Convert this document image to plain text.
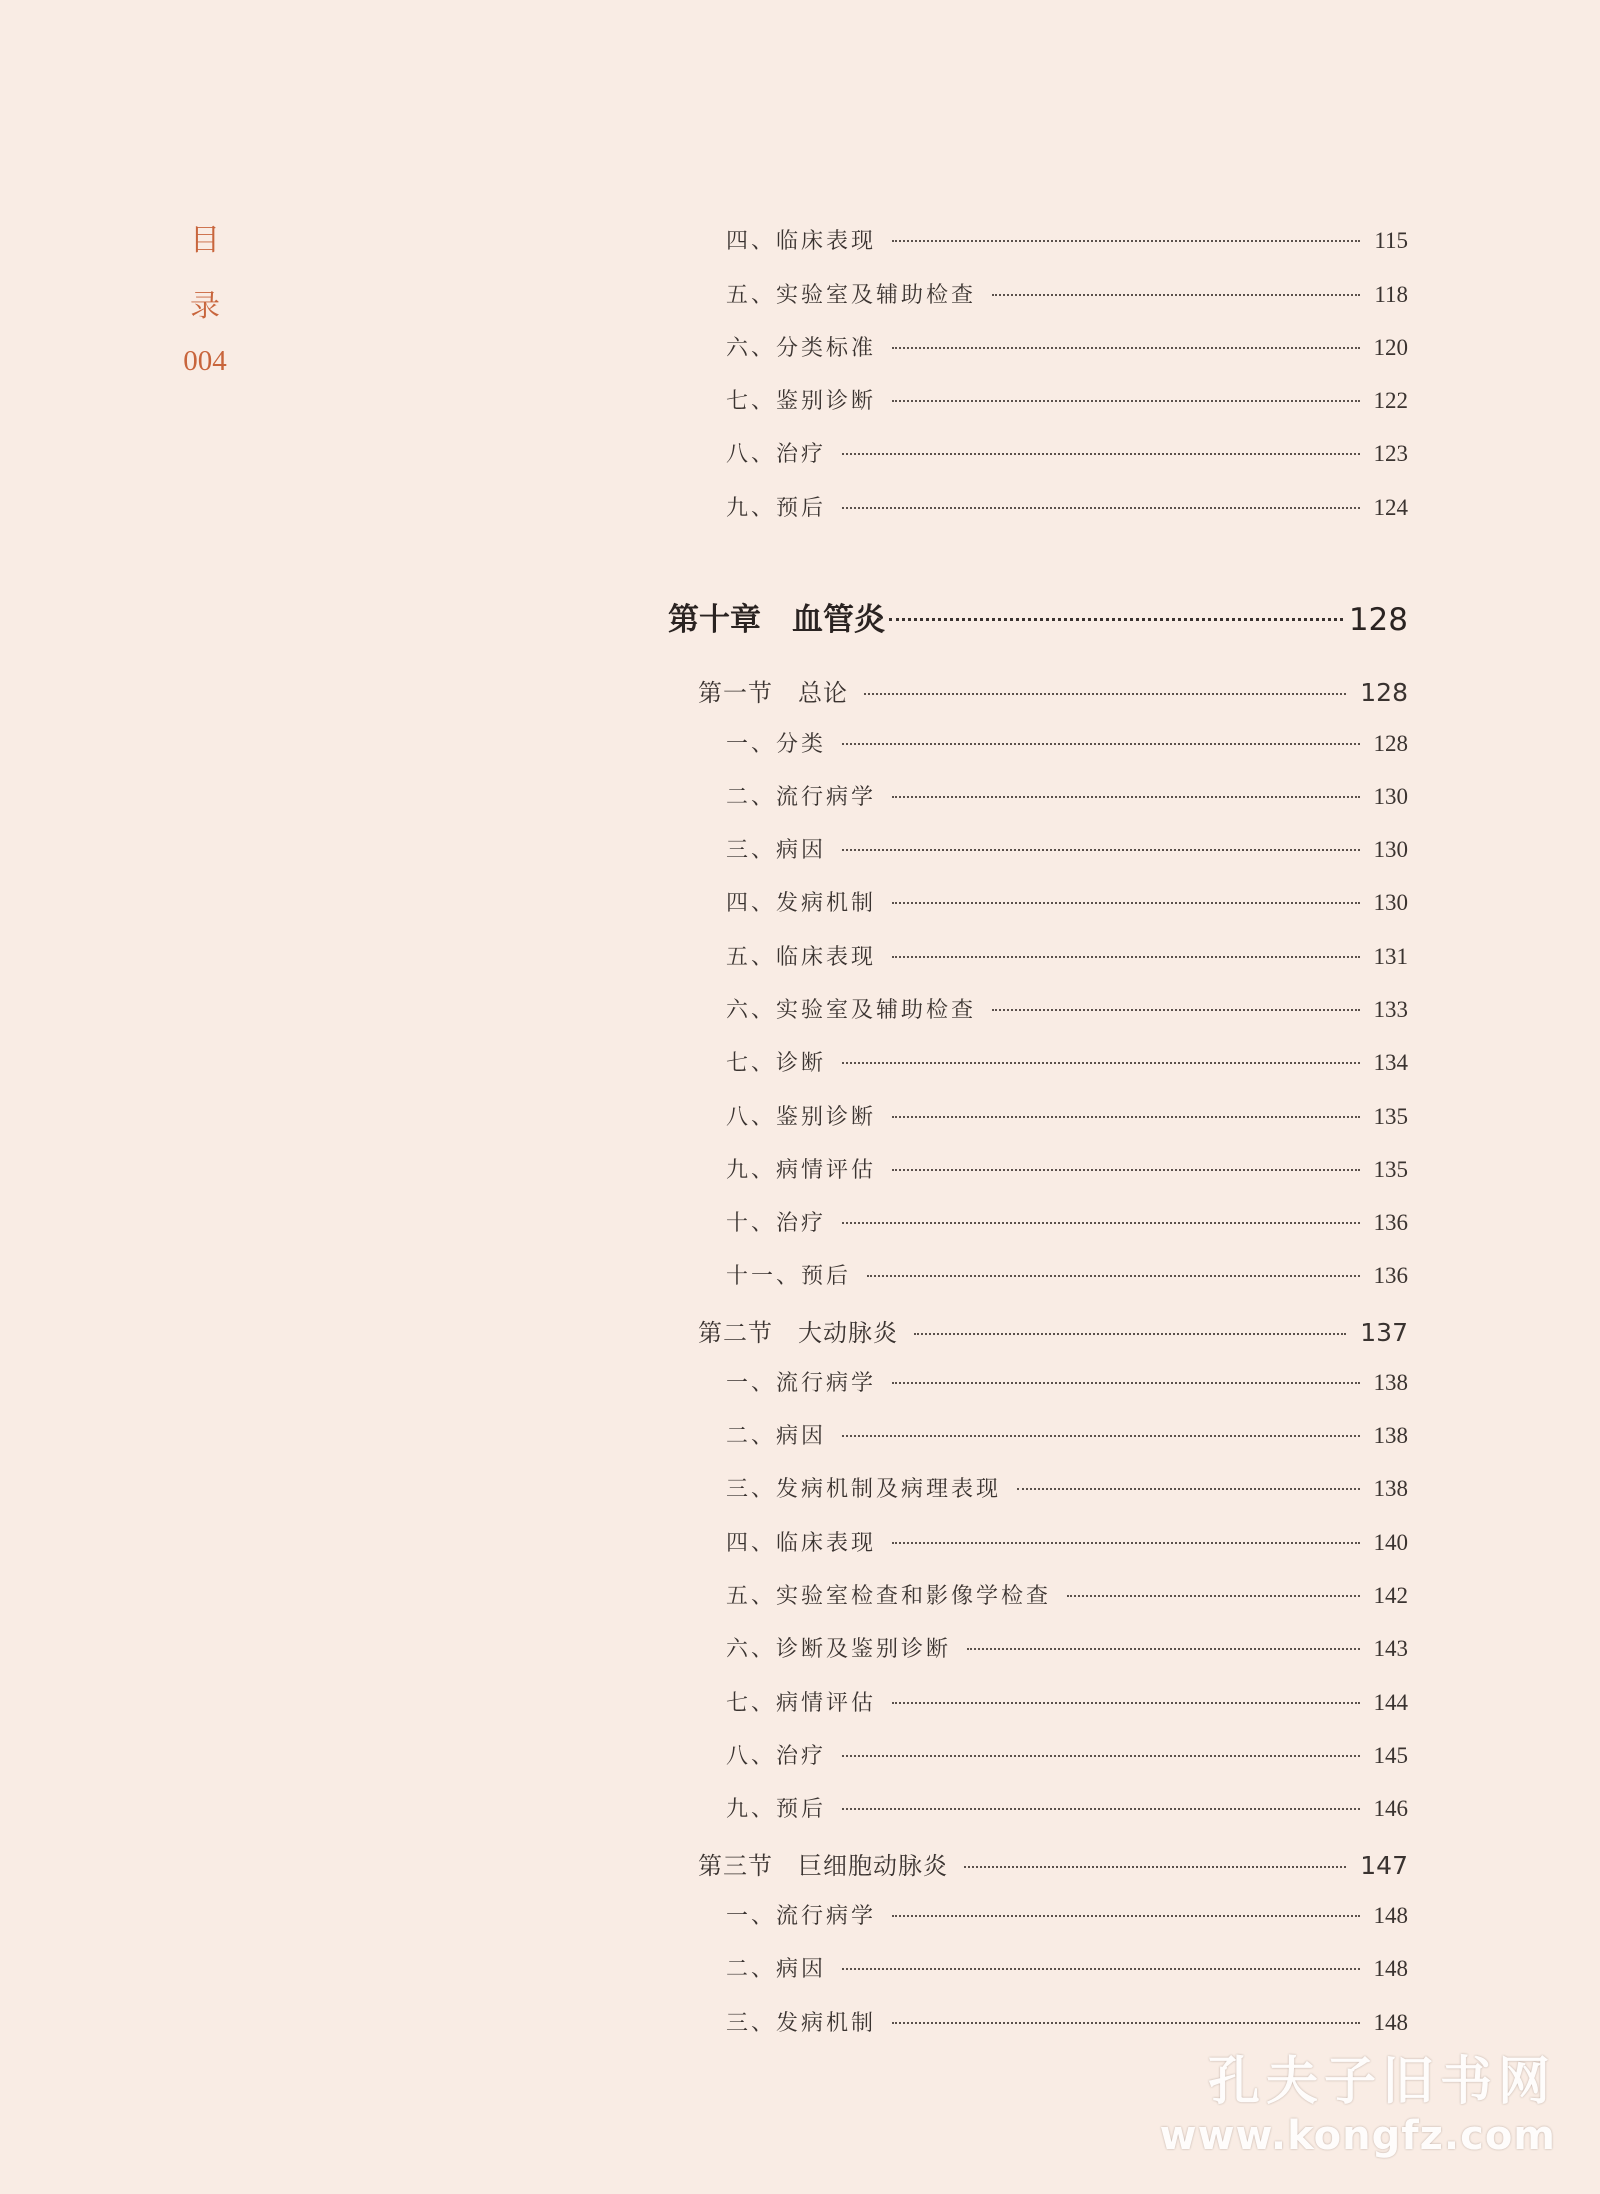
目
录
004
四、临床表现	115
五、实验室及辅助检查	118
六、分类标准	120
七、鉴别诊断	122
八、治疗	123
九、预后	124
第十章　血管炎	128
第一节　总论	128
一、分类	128
二、流行病学	130
三、病因	130
四、发病机制	130
五、临床表现	131
六、实验室及辅助检查	133
七、诊断	134
八、鉴别诊断	135
九、病情评估	135
十、治疗	136
十一、预后	136
第二节　大动脉炎	137
一、流行病学	138
二、病因	138
三、发病机制及病理表现	138
四、临床表现	140
五、实验室检查和影像学检查	142
六、诊断及鉴别诊断	143
七、病情评估	144
八、治疗	145
九、预后	146
第三节　巨细胞动脉炎	147
一、流行病学	148
二、病因	148
三、发病机制	148
孔夫子旧书网
www.kongfz.com
